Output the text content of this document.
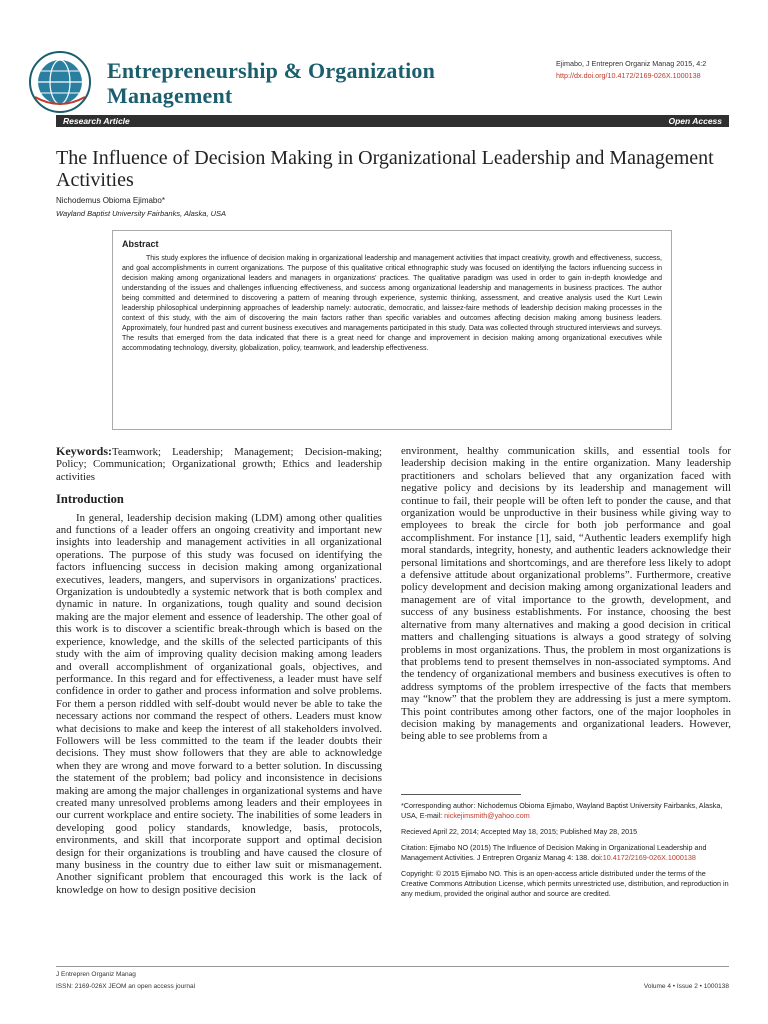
Entrepreneurship & Organization Management
Ejimabo, J Entrepren Organiz Manag 2015, 4:2
http://dx.doi.org/10.4172/2169-026X.1000138
Research Article	Open Access
The Influence of Decision Making in Organizational Leadership and Management Activities
Nichodemus Obioma Ejimabo*
Wayland Baptist University Fairbanks, Alaska, USA
Abstract
This study explores the influence of decision making in organizational leadership and management activities that impact creativity, growth and effectiveness, success, and goal accomplishments in current organizations. The purpose of this qualitative critical ethnographic study was focused on identifying the factors influencing success in decision making among organizational leaders and managers in organizations' practices. The qualitative paradigm was used in order to gain in-depth knowledge and understanding of the issues and challenges influencing effectiveness, and success among organizational leadership and managements in business practices. The author being committed and determined to discovering a pattern of meaning through experience, systemic thinking, assessment, and creative analysis used the Kurt Lewin leadership philosophical underpinning approaches of leadership namely: autocratic, democratic, and laissez-faire methods of leadership decision making processes in the context of this study, with the aim of discovering the main factors rather than specific variables and outcomes affecting decision making among business leaders. Approximately, four hundred past and current business executives and managements participated in this study. Data was collected through structured interviews and surveys. The results that emerged from the data indicated that there is a great need for change and improvement in decision making among organizational executives while accommodating technology, diversity, globalization, policy, teamwork, and leadership effectiveness.
Keywords:Teamwork; Leadership; Management; Decision-making; Policy; Communication; Organizational growth; Ethics and leadership activities
Introduction
In general, leadership decision making (LDM) among other qualities and functions of a leader offers an ongoing creativity and important new insights into leadership and management activities in all organizational operations. The purpose of this study was focused on identifying the factors influencing success in decision making among organizational executives, leaders, mangers, and supervisors in organizations' practices. Organization is undoubtedly a systemic network that is both complex and dynamic in nature. In organizations, tough quality and sound decision making are the major element and essence of leadership. The other goal of this work is to discover a scientific break-through which is based on the experience, knowledge, and the skills of the selected participants of this study with the aim of improving quality decision making among leaders and overall accomplishment of organizational goals, objectives, and performance. In this regard and for effectiveness, a leader must have self confidence in order to gather and process information and solve problems. For them a person riddled with self-doubt would never be able to take the necessary actions nor command the respect of others. Leaders must know what decisions to make and keep the interest of all stakeholders involved. Followers will be less committed to the team if the leader doubts their decisions. They must show followers that they are able to acknowledge when they are wrong and move forward to a better solution. In discussing the statement of the problem; bad policy and inconsistence in decisions making are among the major challenges in organizational systems and have created many unresolved problems among leaders and their employees in our current workplace and entire society. The inabilities of some leaders in developing good policy standards, knowledge, basis, protocols, environments, and skill that incorporate support and optimal decision design for their organizations is troubling and have caused the closure of many business in the country due to either law suit or mismanagement. Another significant problem that encouraged this work is the lack of knowledge on how to design positive decision
environment, healthy communication skills, and essential tools for leadership decision making in the entire organization. Many leadership practitioners and scholars believed that any organization faced with negative policy and decisions by its leadership and management will continue to fail, their people will be often left to ponder the cause, and that organization would be unproductive in their business while giving way to employees to break the circle for both job performance and goal accomplishment. For instance [1], said, “Authentic leaders exemplify high moral standards, integrity, honesty, and authentic leaders acknowledge their personal limitations and shortcomings, and are therefore less likely to adopt a defensive attitude about organizational problems”. Furthermore, creative policy development and decision making among organizational leaders and management are of vital importance to the growth, development, and success of any business establishments. For instance, choosing the best alternative from many alternatives and making a good decision in critical matters and challenging situations is always a good strategy of solving problems in most organizations. Thus, the problem in most organizations is that problems tend to present themselves in non-associated symptoms. And the tendency of organizational members and business executives is often to address symptoms of the problem irrespective of the facts that members may “know” that the problem they are addressing is just a mere symptom. This point contributes among other factors, one of the major loopholes in decision making by managements and organizational leaders. However, being able to see problems from a

*Corresponding author: Nichodemus Obioma Ejimabo, Wayland Baptist University Fairbanks, Alaska, USA, E-mail: nickejimsmith@yahoo.com

Recieved April 22, 2014; Accepted May 18, 2015; Published May 28, 2015

Citation: Ejimabo NO (2015) The Influence of Decision Making in Organizational Leadership and Management Activities. J Entrepren Organiz Manag 4: 138. doi:10.4172/2169-026X.1000138

Copyright: © 2015 Ejimabo NO. This is an open-access article distributed under the terms of the Creative Commons Attribution License, which permits unrestricted use, distribution, and reproduction in any medium, provided the original author and source are credited.

J Entrepren Organiz Manag
ISSN: 2169-026X JEOM an open access journal	Volume 4 • Issue 2 • 1000138
